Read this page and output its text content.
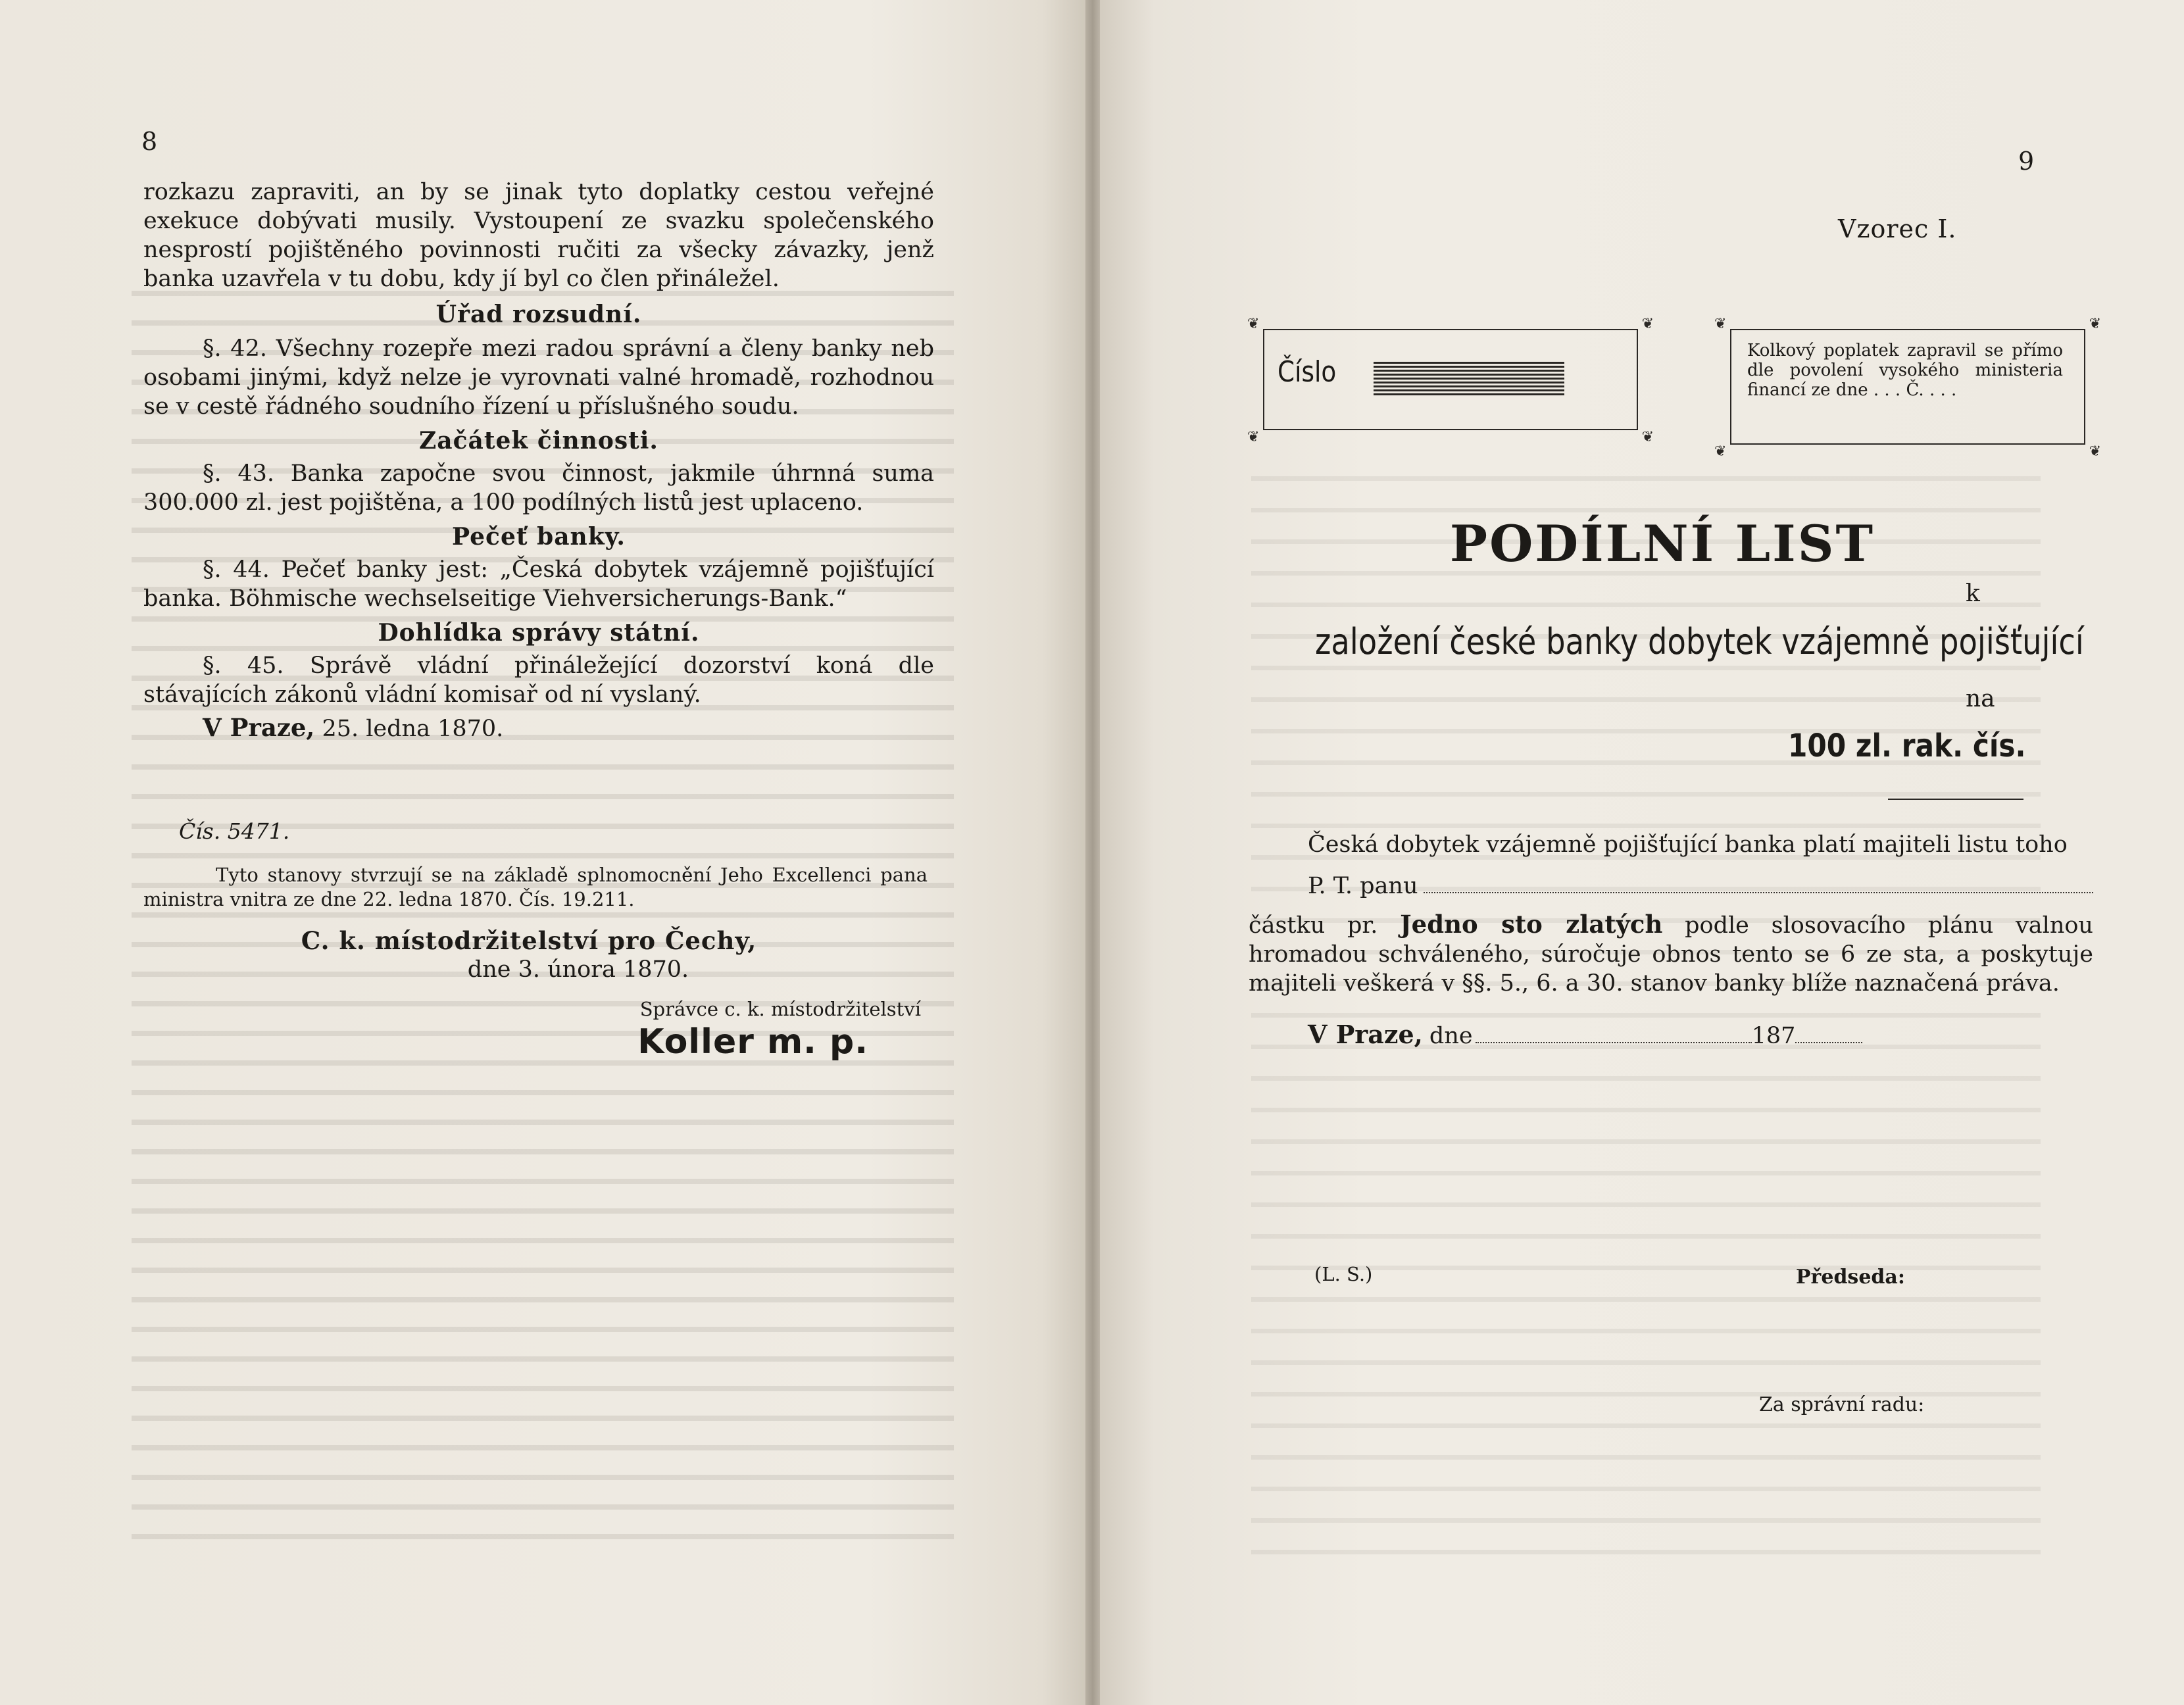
8

rozkazu zapraviti, an by se jinak tyto doplatky cestou veřejné exekuce dobývati musily. Vystoupení ze svazku společenského nesprostí pojištěného povinnosti ručiti za všecky závazky, jenž banka uzavřela v tu dobu, kdy jí byl co člen přináležel.

Úřad rozsudní.

§. 42. Všechny rozepře mezi radou správní a členy banky neb osobami jinými, když nelze je vyrovnati valné hromadě, rozhodnou se v cestě řádného soudního řízení u příslušného soudu.

Začátek činnosti.

§. 43. Banka započne svou činnost, jakmile úhrnná suma 300.000 zl. jest pojištěna, a 100 podílných listů jest uplaceno.

Pečeť banky.

§. 44. Pečeť banky jest: „Česká dobytek vzájemně pojišťující banka. Böhmische wechselseitige Viehversicherungs-Bank.“

Dohlídka správy státní.

§. 45. Správě vládní přináležející dozorství koná dle stávajících zákonů vládní komisař od ní vyslaný.

V Praze, 25. ledna 1870.
Čís. 5471.

Tyto stanovy stvrzují se na základě splnomocnění Jeho Excellenci pana ministra vnitra ze dne 22. ledna 1870. Čís. 19.211.

C. k. místodržitelství pro Čechy,
dne 3. února 1870.
Správce c. k. místodržitelství
Koller m. p.
9
Vzorec I.
❦	❦
❦	❦
Číslo
❦	❦
❦	❦
Kolkový poplatek zapravil se přímo dle povolení vysokého ministeria financí ze dne . . . Č. . . .
PODÍLNÍ LIST
k
založení české banky dobytek vzájemně pojišťující
na
100 zl. rak. čís.

Česká dobytek vzájemně pojišťující banka platí majiteli listu toho

P. T. panu

částku pr. Jedno sto zlatých podle slosovacího plánu valnou hromadou schváleného, súročuje obnos tento se 6 ze sta, a poskytuje majiteli veškerá v §§. 5., 6. a 30. stanov banky blíže naznačená práva.

V Praze, dne	187
(L. S.)	Předseda:
Za správní radu:
